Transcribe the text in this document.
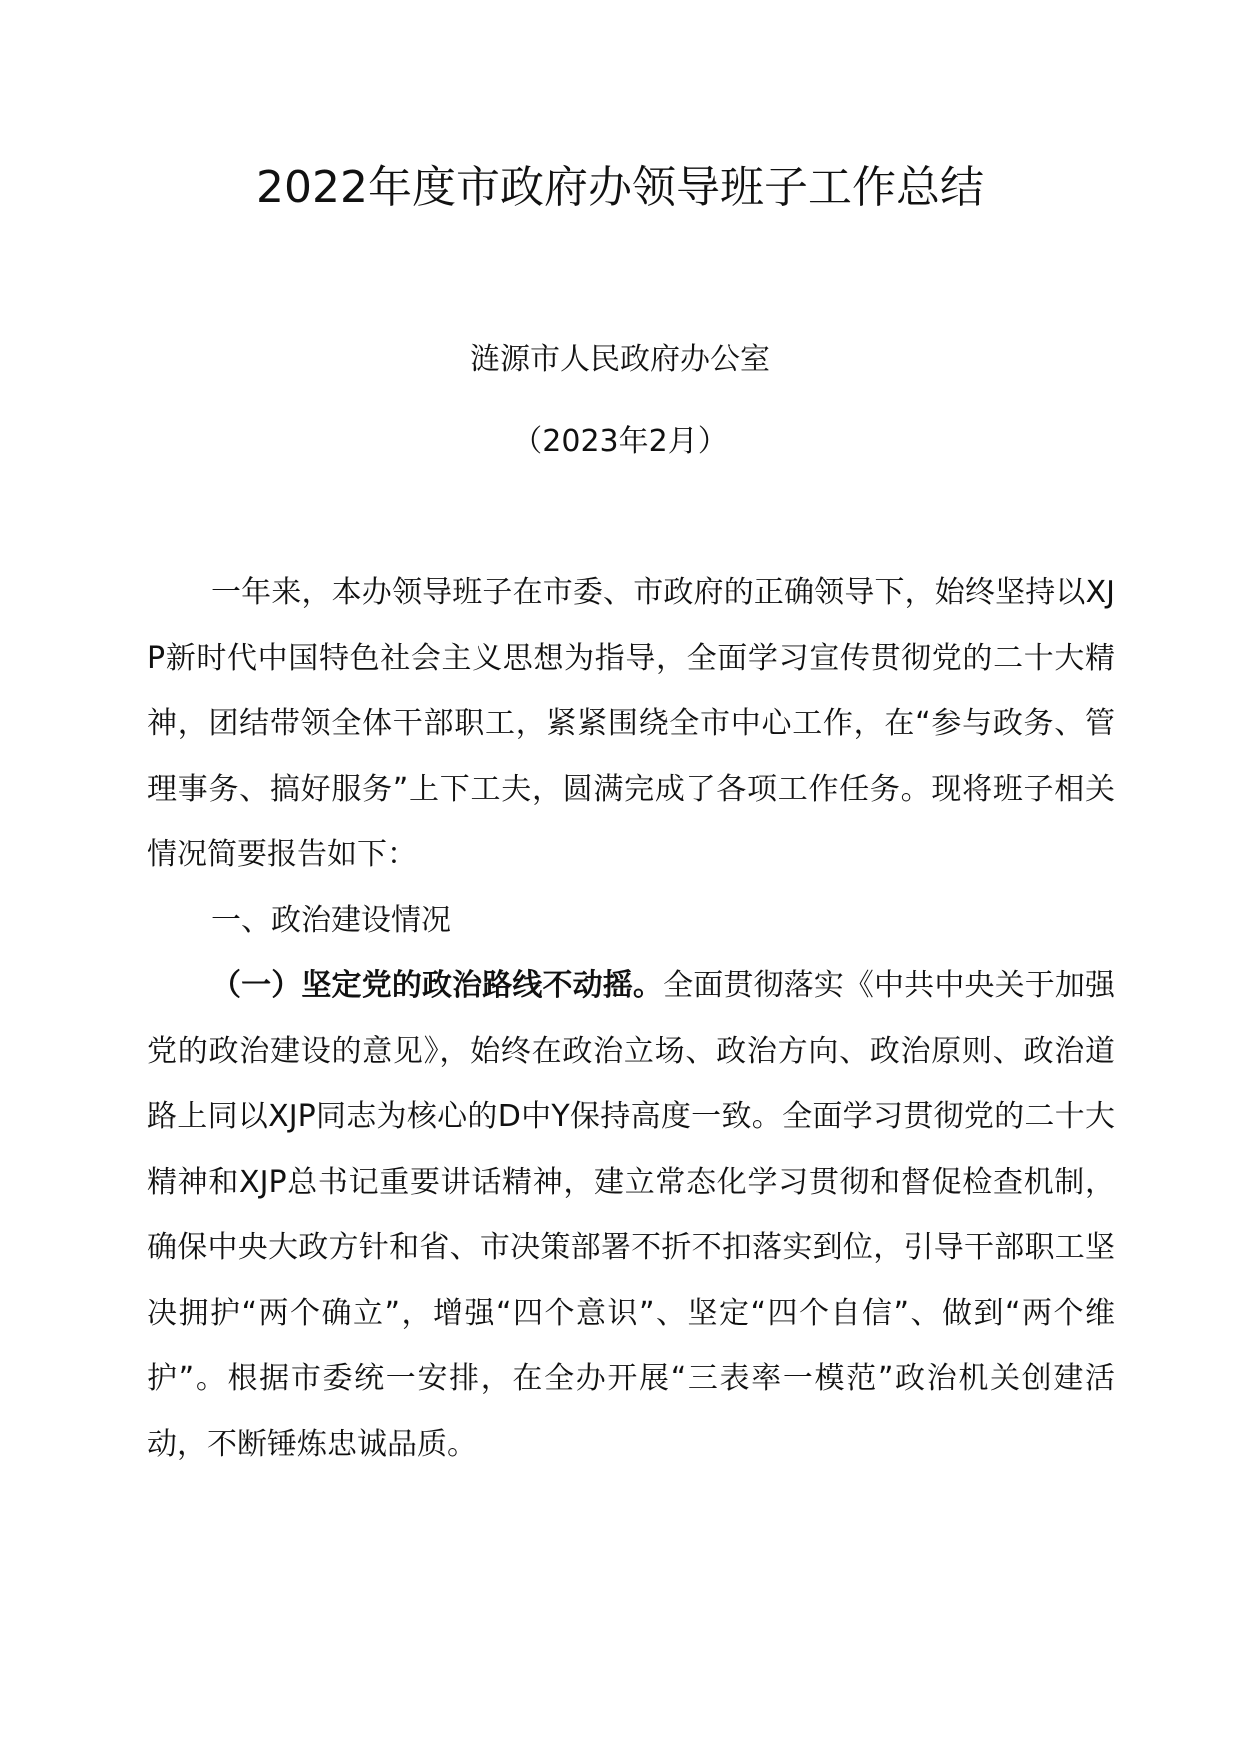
2022年度市政府办领导班子工作总结
涟源市人民政府办公室
（2023年2月）

一年来，本办领导班子在市委、市政府的正确领导下，始终坚持以XJP新时代中国特色社会主义思想为指导，全面学习宣传贯彻党的二十大精神，团结带领全体干部职工，紧紧围绕全市中心工作，在“参与政务、管理事务、搞好服务”上下工夫，圆满完成了各项工作任务。现将班子相关情况简要报告如下：

一、政治建设情况

（一）坚定党的政治路线不动摇。全面贯彻落实《中共中央关于加强党的政治建设的意见》，始终在政治立场、政治方向、政治原则、政治道路上同以XJP同志为核心的D中Y保持高度一致。全面学习贯彻党的二十大精神和XJP总书记重要讲话精神，建立常态化学习贯彻和督促检查机制，确保中央大政方针和省、市决策部署不折不扣落实到位，引导干部职工坚决拥护“两个确立”，增强“四个意识”、坚定“四个自信”、做到“两个维护”。根据市委统一安排，在全办开展“三表率一模范”政治机关创建活动，不断锤炼忠诚品质。
